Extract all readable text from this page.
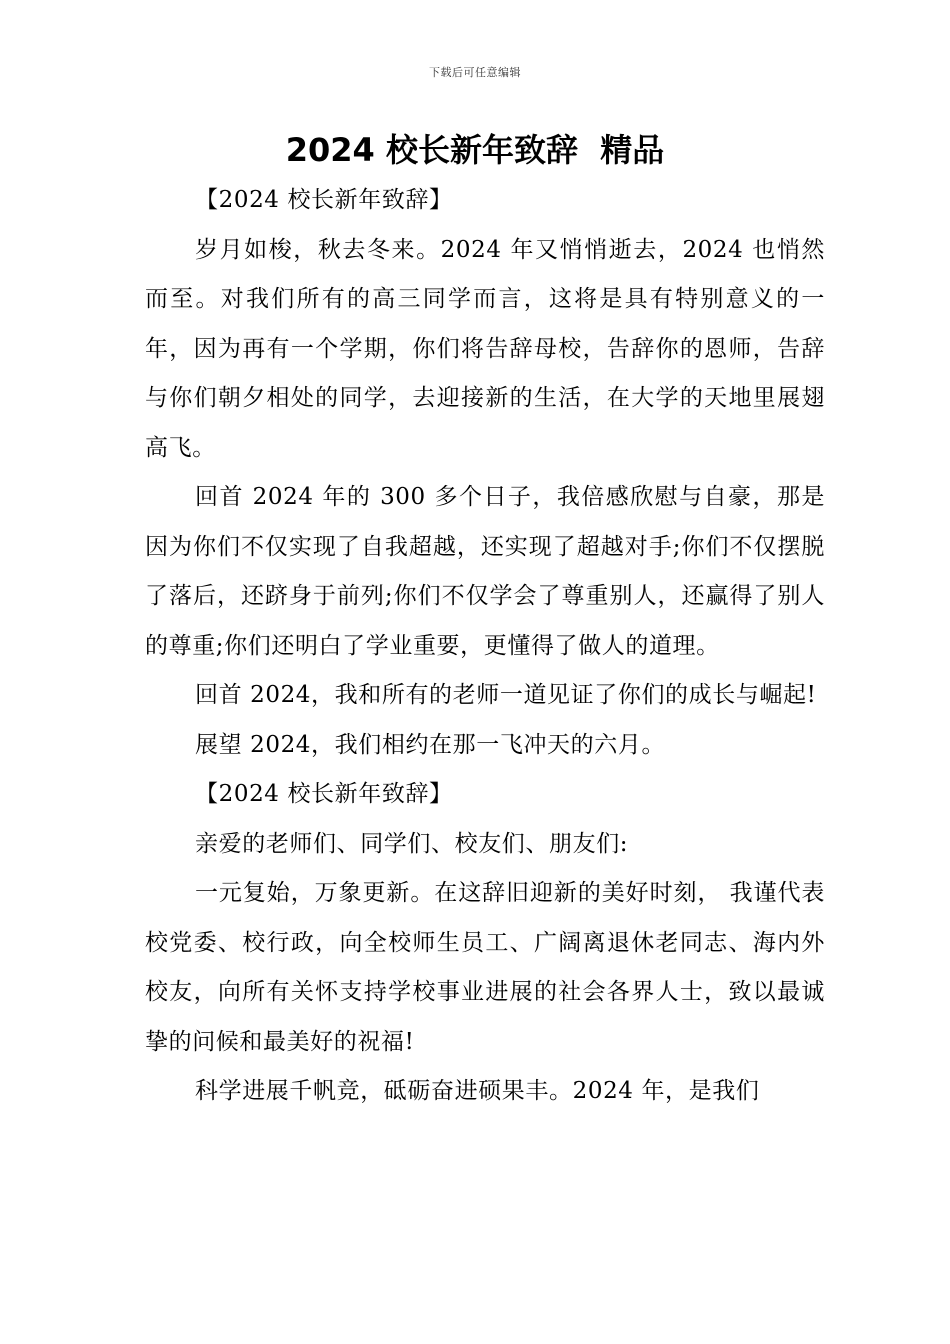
下载后可任意编辑
2024 校长新年致辞  精品

【2024 校长新年致辞】

岁月如梭，秋去冬来。2024 年又悄悄逝去，2024 也悄然而至。对我们所有的高三同学而言，这将是具有特别意义的一年，因为再有一个学期，你们将告辞母校，告辞你的恩师，告辞与你们朝夕相处的同学，去迎接新的生活，在大学的天地里展翅高飞。

回首 2024 年的 300 多个日子，我倍感欣慰与自豪，那是因为你们不仅实现了自我超越，还实现了超越对手;你们不仅摆脱了落后，还跻身于前列;你们不仅学会了尊重别人，还赢得了别人的尊重;你们还明白了学业重要，更懂得了做人的道理。

回首 2024，我和所有的老师一道见证了你们的成长与崛起!

展望 2024，我们相约在那一飞冲天的六月。

【2024 校长新年致辞】

亲爱的老师们、同学们、校友们、朋友们:

一元复始，万象更新。在这辞旧迎新的美好时刻， 我谨代表校党委、校行政，向全校师生员工、广阔离退休老同志、海内外校友，向所有关怀支持学校事业进展的社会各界人士，致以最诚挚的问候和最美好的祝福!

科学进展千帆竞，砥砺奋进硕果丰。2024 年，是我们
